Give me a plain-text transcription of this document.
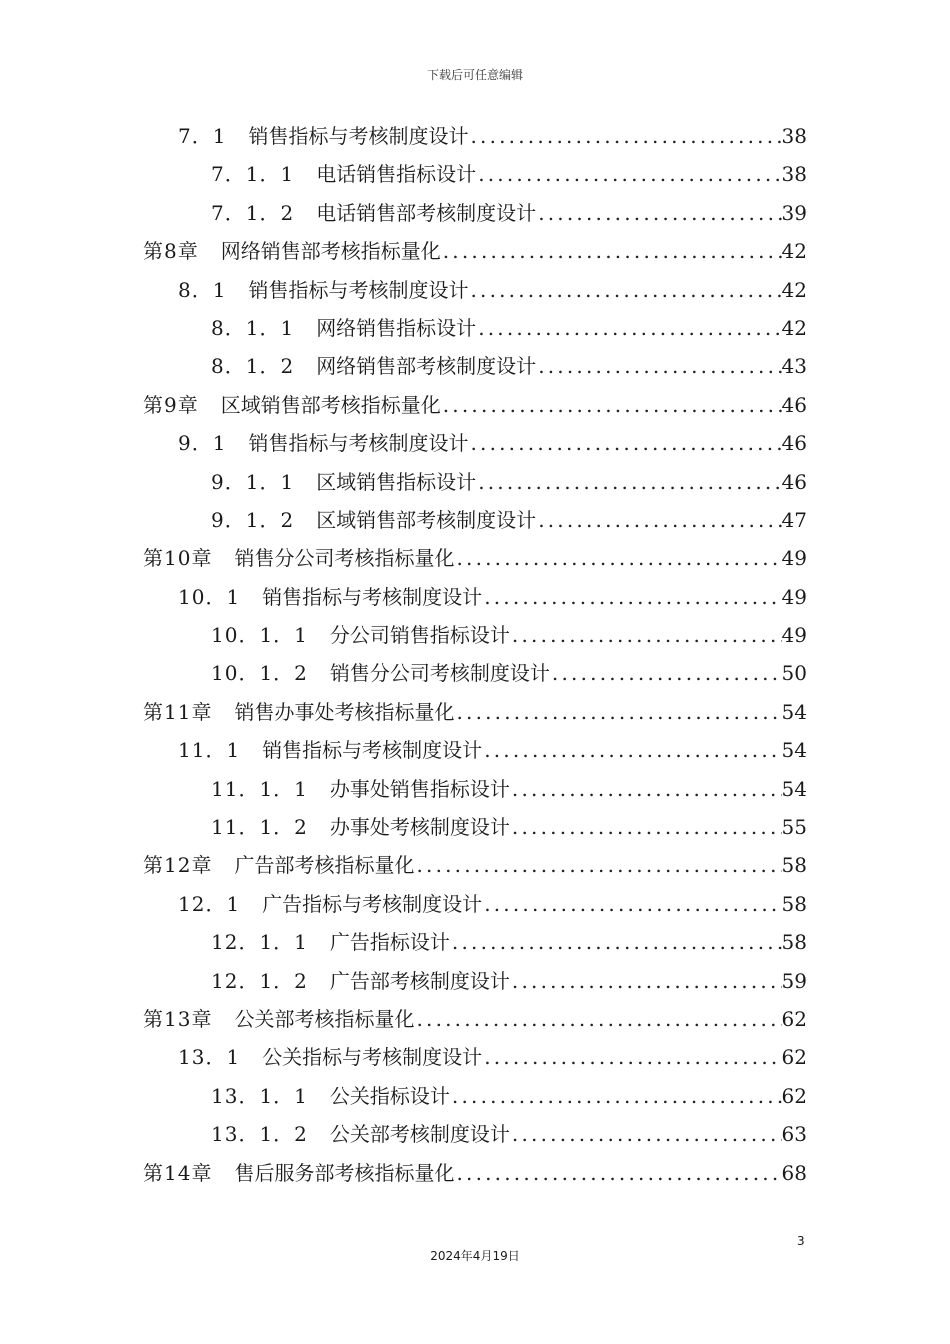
下载后可任意编辑
7．1 销售指标与考核制度设计 .....	38
7．1．1 电话销售指标设计 .....	38
7．1．2 电话销售部考核制度设计 .....	39
第8章 网络销售部考核指标量化 .....	42
8．1 销售指标与考核制度设计 .....	42
8．1．1 网络销售指标设计 .....	42
8．1．2 网络销售部考核制度设计 .....	43
第9章 区域销售部考核指标量化 .....	46
9．1 销售指标与考核制度设计 .....	46
9．1．1 区域销售指标设计 .....	46
9．1．2 区域销售部考核制度设计 .....	47
第10章 销售分公司考核指标量化 .....	49
10．1 销售指标与考核制度设计 .....	49
10．1．1 分公司销售指标设计 .....	49
10．1．2 销售分公司考核制度设计 .....	50
第11章 销售办事处考核指标量化 .....	54
11．1 销售指标与考核制度设计 .....	54
11．1．1 办事处销售指标设计 .....	54
11．1．2 办事处考核制度设计 .....	55
第12章 广告部考核指标量化 .....	58
12．1 广告指标与考核制度设计 .....	58
12．1．1 广告指标设计 .....	58
12．1．2 广告部考核制度设计 .....	59
第13章 公关部考核指标量化 .....	62
13．1 公关指标与考核制度设计 .....	62
13．1．1 公关指标设计 .....	62
13．1．2 公关部考核制度设计 .....	63
第14章 售后服务部考核指标量化 .....	68
3
2024年4月19日
